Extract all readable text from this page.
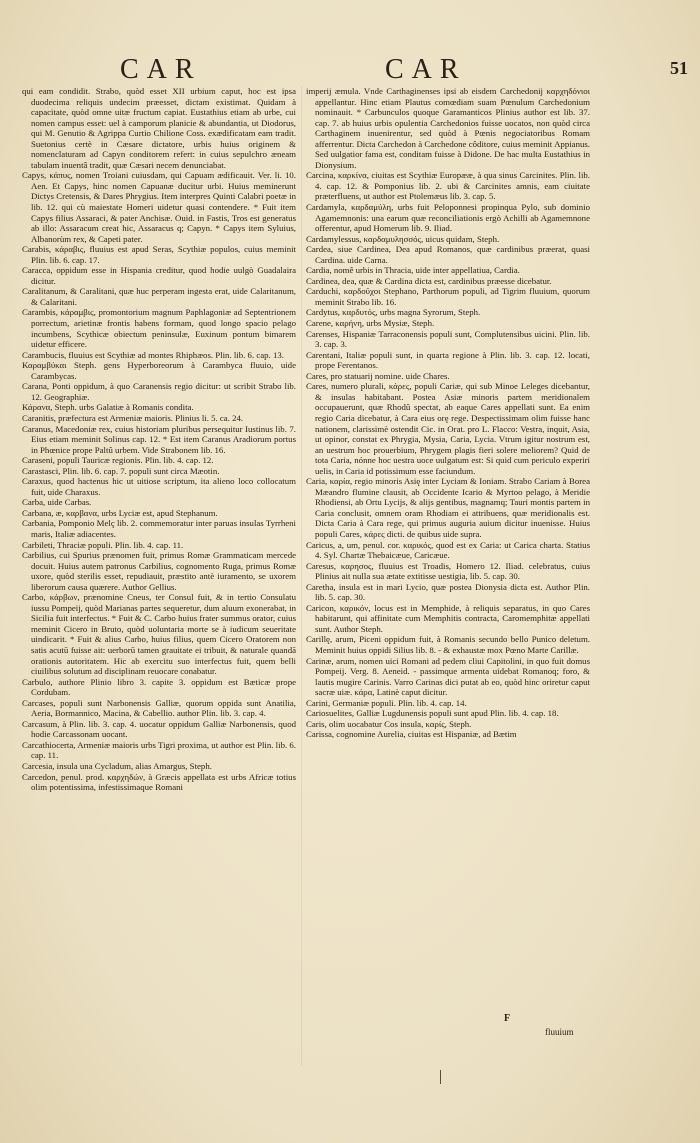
CAR	CAR	51

qui eam condidit. Strabo, quòd esset XII urbium caput, hoc est ipsa duodecima reliquis undecim præesset, dictam existimat. Quidam à capacitate, quòd omne uitæ fructum capiat. Eustathius etiam ab urbe, cui nomen campus esset: uel à camporum planicie & abundantia, ut Diodorus, qui M. Genutio & Agrippa Curtio Chilione Coss. exædificatam eam tradit. Suetonius certè in Cæsare dictatore, urbis huius originem & nomenclaturam ad Capyn conditorem refert: in cuius sepulchro æneam tabulam inuentâ tradit, quæ Cæsari necem denunciabat.

Capys, κάπυς, nomen Troiani cuiusdam, qui Capuam ædificauit. Ver. li. 10. Aen. Et Capys, hinc nomen Capuanæ ducitur urbi. Huius meminerunt Dictys Cretensis, & Dares Phrygius. Item interpres Quinti Calabri poetæ in lib. 12. qui cù maiestate Homeri uidetur quasi contendere. * Fuit item Capys filius Assaraci, & pater Anchisæ. Ouid. in Fastis, Tros est generatus ab illo: Assaracum creat hic, Assaracus q; Capyn. * Capys item Syluius, Albanorùm rex, & Capeti pater.

Carabis, κάραβις, fluuius est apud Seras, Scythiæ populos, cuius meminit Plin. lib. 6. cap. 17.

Caracca, oppidum esse in Hispania creditur, quod hodie uulgò Guadalaira dicitur.

Caralitanum, & Caralitani, quæ huc perperam ingesta erat, uide Calaritanum, & Calaritani.

Carambis, κάραμβις, promontorium magnum Paphlagoniæ ad Septentrionem porrectum, arietinæ frontis habens formam, quod longo spacio pelago incumbens, Scythicæ obiectum peninsulæ, Euxinum pontum bimarem uidetur efficere.

Carambucis, fluuius est Scythiæ ad montes Rhiphæos. Plin. lib. 6. cap. 13.

Καραμβύκαι Steph. gens Hyperboreorum à Carambyca fluuio, uide Carambycas.

Carana, Ponti oppidum, à quo Caranensis regio dicitur: ut scribit Strabo lib. 12. Geographiæ.

Κάρανα, Steph. urbs Galatiæ à Romanis condita.

Caranitis, præfectura est Armeniæ maioris. Plinius li. 5. ca. 24.

Caranus, Macedoniæ rex, cuius historiam pluribus persequitur Iustinus lib. 7. Eius etiam meminit Solinus cap. 12. * Est item Caranus Aradiorum portus in Phœnice prope Paltû urbem. Vide Strabonem lib. 16.

Caraseni, populi Tauricæ regionis. Plin. lib. 4. cap. 12.

Carastasci, Plin. lib. 6. cap. 7. populi sunt circa Mæotin.

Caraxus, quod hactenus hic ut uitiose scriptum, ita alieno loco collocatum fuit, uide Charaxus.

Carba, uide Carbas.

Carbana, æ, καρβανα, urbs Lyciæ est, apud Stephanum.

Carbania, Pomponio Melç lib. 2. commemoratur inter paruas insulas Tyrrheni maris, Italiæ adiacentes.

Carbileti, Thraciæ populi. Plin. lib. 4. cap. 11.

Carbilius, cui Spurius prænomen fuit, primus Romæ Grammaticam mercede docuit. Huius autem patronus Carbilius, cognomento Ruga, primus Romæ uxore, quòd sterilis esset, repudiauit, præstito antè iuramento, se uxorem liberorum causa quærere. Author Gellius.

Carbo, κάρβων, prænomine Cneus, ter Consul fuit, & in tertio Consulatu iussu Pompeij, quòd Marianas partes sequeretur, dum aluum exonerabat, in Sicilia fuit interfectus. * Fuit & C. Carbo huius frater summus orator, cuius meminit Cicero in Bruto, quòd uoluntaria morte se à iudicum seueritate uindicarit. * Fuit & alius Carbo, huius filius, quem Cicero Oratorem non satis acutū fuisse ait: uerborū tamen grauitate ei tribuit, & naturale quandā orationis autoritatem. Hic ab exercitu suo interfectus fuit, quem belli ciuilibus solutum ad disciplinam reuocare conabatur.

Carbulo, authore Plinio libro 3. capite 3. oppidum est Bæticæ prope Cordubam.

Carcases, populi sunt Narbonensis Galliæ, quorum oppida sunt Anatilia, Aeria, Bormannico, Macina, & Cabellio. author Plin. lib. 3. cap. 4.

Carcasum, à Plin. lib. 3. cap. 4. uocatur oppidum Galliæ Narbonensis, quod hodie Carcassonam uocant.

Carcathiocerta, Armeniæ maioris urbs Tigri proxima, ut author est Plin. lib. 6. cap. 11.

Carcesia, insula una Cycladum, alias Amargus, Steph.

Carcedon, penul. prod. καρχηδών, à Græcis appellata est urbs Africæ totius olim potentissima, infestissimaque Romani

imperij æmula. Vnde Carthaginenses ipsi ab eisdem Carchedonij καρχηδόνιοι appellantur. Hinc etiam Plautus comœdiam suam Pœnulum Carchedonium nominauit. * Carbunculos quoque Garamanticos Plinius author est lib. 37. cap. 7. ab huius urbis opulentia Carchedonios fuisse uocatos, non quòd circa Carthaginem inuenirentur, sed quòd à Pœnis negociatoribus Romam afferrentur. Dicta Carchedon à Carchedone côditore, cuius meminit Appianus. Sed uulgatior fama est, conditam fuisse à Didone. De hac multa Eustathius in Dionysium.

Carcina, καρκίνα, ciuitas est Scythiæ Europææ, à qua sinus Carcinites. Plin. lib. 4. cap. 12. & Pomponius lib. 2. ubi & Carcinites amnis, eam ciuitate præterfluens, ut author est Ptolemæus lib. 3. cap. 5.

Cardamyla, καρδαμύλη, urbs fuit Peloponnesi propinqua Pylo, sub dominio Agamemnonis: una earum quæ reconciliationis ergò Achilli ab Agamemnone offerentur, apud Homerum lib. 9. Iliad.

Cardamylessus, καρδαμυλησσός, uicus quidam, Steph.

Cardea, siue Cardinea, Dea apud Romanos, quæ cardinibus præerat, quasi Cardina. uide Carna.

Cardia, nomê urbis in Thracia, uide inter appellatiua, Cardia.

Cardinea, dea, quæ & Cardina dicta est, cardinibus præesse dicebatur.

Carduchi, καρδοῦχοι Stephano, Parthorum populi, ad Tigrim fluuium, quorum meminit Strabo lib. 16.

Cardytus, καρδυτός, urbs magna Syrorum, Steph.

Carene, καρήνη, urbs Mysiæ, Steph.

Carenses, Hispaniæ Tarraconensis populi sunt, Complutensibus uicini. Plin. lib. 3. cap. 3.

Carentani, Italiæ populi sunt, in quarta regione à Plin. lib. 3. cap. 12. locati, prope Ferentanos.

Cares, pro statuarij nomine. uide Chares.

Cares, numero plurali, κάρες, populi Cariæ, qui sub Minoe Leleges dicebantur, & insulas habitabant. Postea Asiæ minoris partem meridionalem occupauerunt, quæ Rhodû spectat, ab eaque Cares appellati sunt. Ea enim regio Caria dicebatur, à Cara eius orę rege. Despectissimam olim fuisse hanc nationem, clarissimè ostendit Cic. in Orat. pro L. Flacco: Vestra, inquit, Asia, ut opinor, constat ex Phrygia, Mysia, Caria, Lycia. Vtrum igitur nostrum est, an uestrum hoc prouerbium, Phrygem plagis fieri solere meliorem? Quid de tota Caria, nónne hoc uestra uoce uulgatum est: Si quid cum periculo experiri uelis, in Caria id potissimum esse faciundum.

Caria, καρία, regio minoris Asię inter Lyciam & Ioniam. Strabo Cariam à Borea Mæandro flumine clausit, ab Occidente Icario & Myrtoo pelago, à Meridie Rhodiensi, ab Ortu Lycijs, & alijs gentibus, magnamq; Tauri montis partem in Caria conclusit, omnem oram Rhodiam ei attribuens, quæ meridionalis est. Dicta Caria à Cara rege, qui primus auguria auium dicitur inuenisse. Huius populi Cares, κάρες dicti. de quibus uide supra.

Caricus, a, um, penul. cor. καρικός, quod est ex Caria: ut Carica charta. Statius 4. Syl. Chartæ Thebaicæue, Caricæue.

Caresus, καρησος, fluuius est Troadis, Homero 12. Iliad. celebratus, cuius Plinius ait nulla sua ætate extitisse uestigia, lib. 5. cap. 30.

Caretha, insula est in mari Lycio, quæ postea Dionysia dicta est. Author Plin. lib. 5. cap. 30.

Caricon, καρικόν, locus est in Memphide, à reliquis separatus, in quo Cares habitarunt, qui affinitate cum Memphitis contracta, Caromemphitæ appellati sunt. Author Steph.

Carillę, arum, Piceni oppidum fuit, à Romanis secundo bello Punico deletum. Meminit huius oppidi Silius lib. 8. - & exhaustæ mox Pœno Marte Carillæ.

Carinæ, arum, nomen uici Romani ad pedem cliui Capitolini, in quo fuit domus Pompeij. Verg. 8. Aeneid. - passimque armenta uidebat Romanoq; foro, & lautis mugire Carinis. Varro Carinas dici putat ab eo, quòd hinc oriretur caput sacræ uiæ. κάρα, Latinè caput dicitur.

Carini, Germaniæ populi. Plin. lib. 4. cap. 14.

Cariosuelites, Galliæ Lugdunensis populi sunt apud Plin. lib. 4. cap. 18.

Caris, olim uocabatur Cos insula, καρίς, Steph.

Carissa, cognomine Aurelia, ciuitas est Hispaniæ, ad Bætim

F
fluuium
